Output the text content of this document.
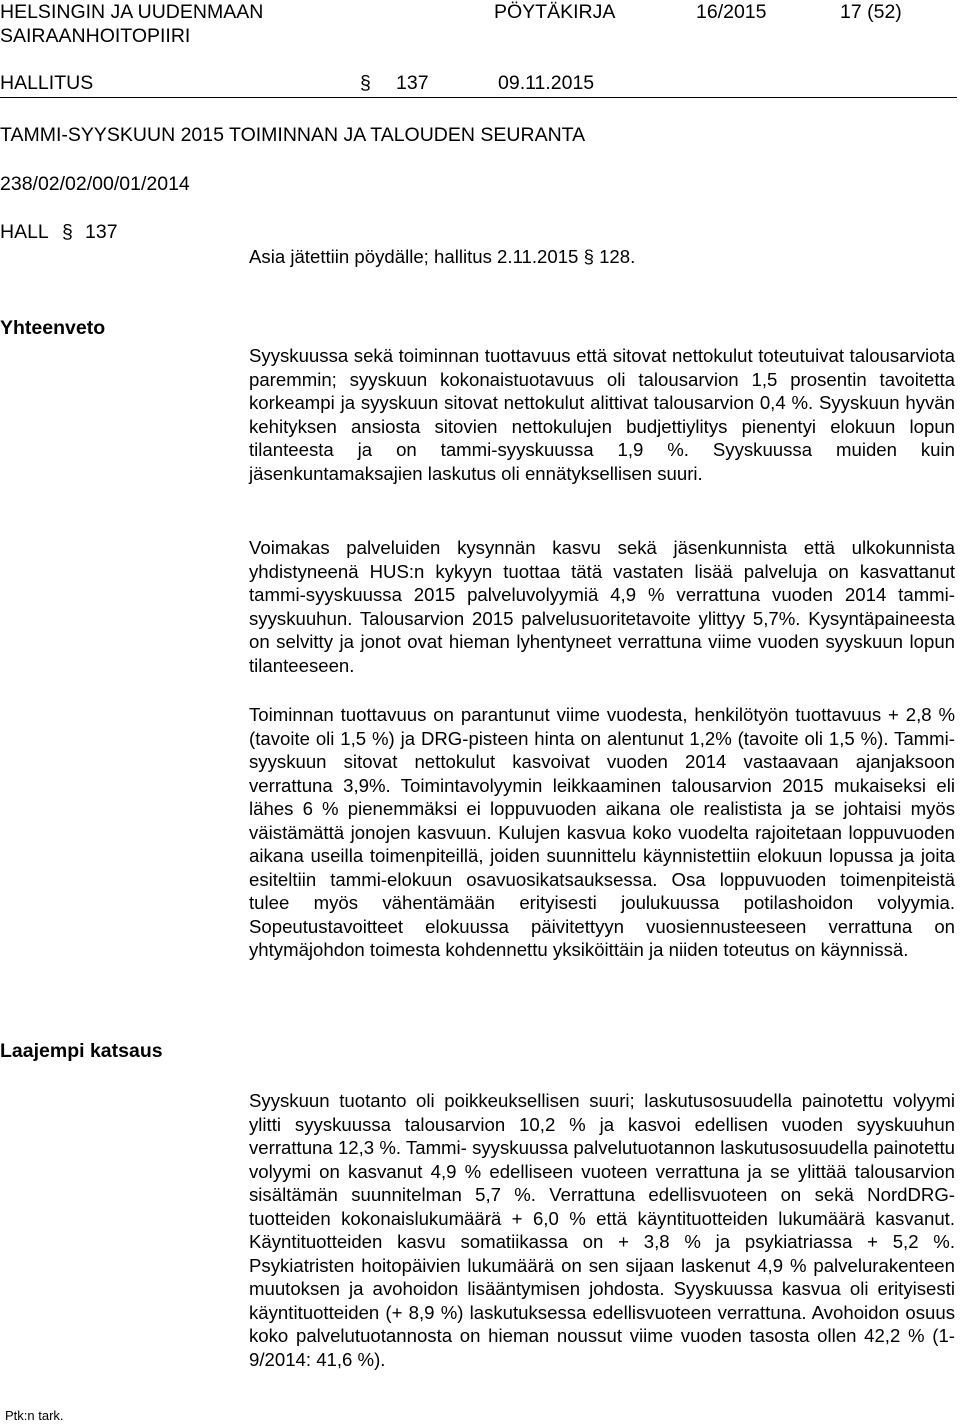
HELSINGIN JA UUDENMAAN
SAIRAANHOITOPIIRI
PÖYTÄKIRJA	16/2015	17 (52)
HALLITUS	§ 137	09.11.2015
TAMMI-SYYSKUUN 2015 TOIMINNAN JA TALOUDEN SEURANTA
238/02/02/00/01/2014
HALL § 137
Asia jätettiin pöydälle; hallitus 2.11.2015 § 128.
Yhteenveto

Syyskuussa sekä toiminnan tuottavuus että sitovat nettokulut toteutuivat talousarviota paremmin; syyskuun kokonaistuotavuus oli talousarvion 1,5 prosentin tavoitetta korkeampi ja syyskuun sitovat nettokulut alittivat talousarvion 0,4 %. Syyskuun hyvän kehityksen ansiosta sitovien nettokulujen budjettiylitys pienentyi elokuun lopun tilanteesta ja on tammi-syyskuussa 1,9 %. Syyskuussa muiden kuin jäsenkuntamaksajien laskutus oli ennätyksellisen suuri.

Voimakas palveluiden kysynnän kasvu sekä jäsenkunnista että ulkokunnista yhdistyneenä HUS:n kykyyn tuottaa tätä vastaten lisää palveluja on kasvattanut tammi-syyskuussa 2015 palveluvolyymiä 4,9 % verrattuna vuoden 2014 tammi- syyskuuhun. Talousarvion 2015 palvelusuoritetavoite ylittyy 5,7%. Kysyntäpaineesta on selvitty ja jonot ovat hieman lyhentyneet verrattuna viime vuoden syyskuun lopun tilanteeseen.

Toiminnan tuottavuus on parantunut viime vuodesta, henkilötyön tuottavuus + 2,8 % (tavoite oli 1,5 %) ja DRG-pisteen hinta on alentunut 1,2% (tavoite oli 1,5 %). Tammi-syyskuun sitovat nettokulut kasvoivat vuoden 2014 vastaavaan ajanjaksoon verrattuna 3,9%. Toimintavolyymin leikkaaminen talousarvion 2015 mukaiseksi eli lähes 6 % pienemmäksi ei loppuvuoden aikana ole realistista ja se johtaisi myös väistämättä jonojen kasvuun. Kulujen kasvua koko vuodelta rajoitetaan loppuvuoden aikana useilla toimenpiteillä, joiden suunnittelu käynnistettiin elokuun lopussa ja joita esiteltiin tammi-elokuun osavuosikatsauksessa. Osa loppuvuoden toimenpiteistä tulee myös vähentämään erityisesti joulukuussa potilashoidon volyymia. Sopeutustavoitteet elokuussa päivitettyyn vuosiennusteeseen verrattuna on yhtymäjohdon toimesta kohdennettu yksiköittäin ja niiden toteutus on käynnissä.

Laajempi katsaus

Syyskuun tuotanto oli poikkeuksellisen suuri; laskutusosuudella painotettu volyymi ylitti syyskuussa talousarvion 10,2 % ja kasvoi edellisen vuoden syyskuuhun verrattuna 12,3 %. Tammi- syyskuussa palvelutuotannon laskutusosuudella painotettu volyymi on kasvanut 4,9 % edelliseen vuoteen verrattuna ja se ylittää talousarvion sisältämän suunnitelman 5,7 %. Verrattuna edellisvuoteen on sekä NordDRG-tuotteiden kokonaislukumäärä + 6,0 % että käyntituotteiden lukumäärä kasvanut. Käyntituotteiden kasvu somatiikassa on + 3,8 % ja psykiatriassa + 5,2 %. Psykiatristen hoitopäivien lukumäärä on sen sijaan laskenut 4,9 % palvelurakenteen muutoksen ja avohoidon lisääntymisen johdosta. Syyskuussa kasvua oli erityisesti käyntituotteiden (+ 8,9 %) laskutuksessa edellisvuoteen verrattuna. Avohoidon osuus koko palvelutuotannosta on hieman noussut viime vuoden tasosta ollen 42,2 % (1-9/2014: 41,6 %).

Ptk:n tark.
